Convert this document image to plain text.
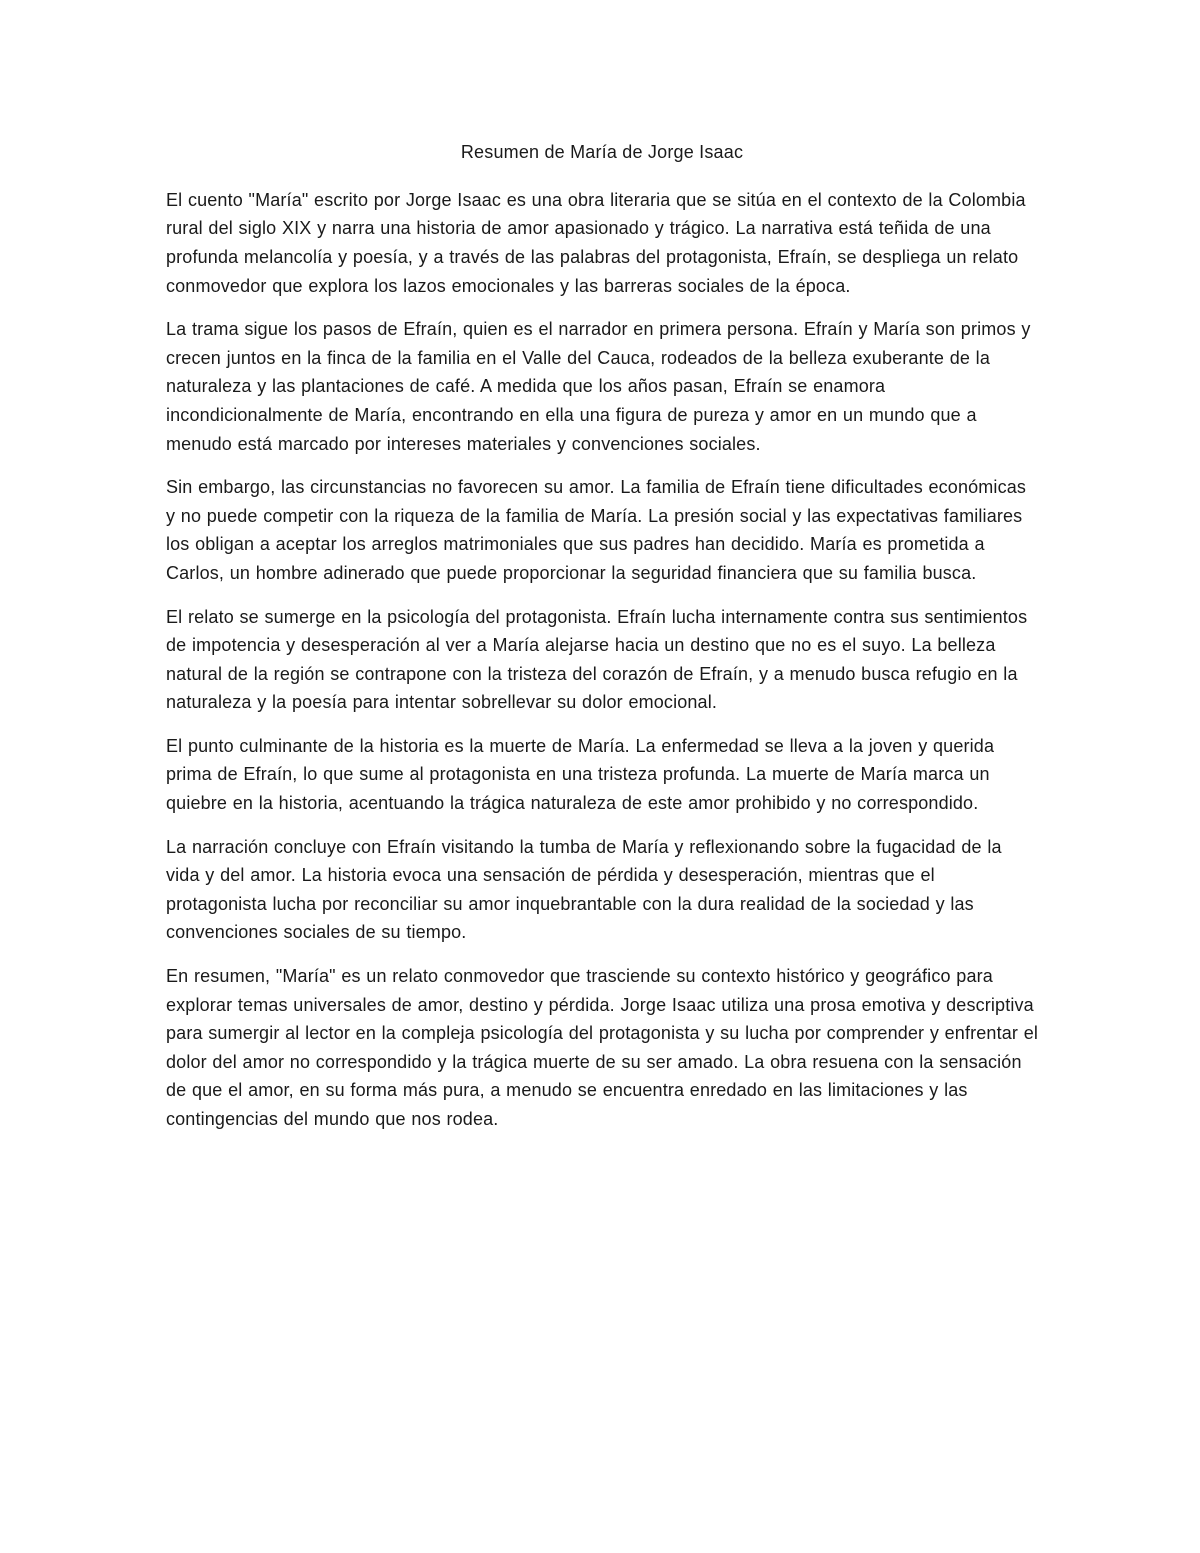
Resumen de María de Jorge Isaac

El cuento "María" escrito por Jorge Isaac es una obra literaria que se sitúa en el contexto de la Colombia rural del siglo XIX y narra una historia de amor apasionado y trágico. La narrativa está teñida de una profunda melancolía y poesía, y a través de las palabras del protagonista, Efraín, se despliega un relato conmovedor que explora los lazos emocionales y las barreras sociales de la época.

La trama sigue los pasos de Efraín, quien es el narrador en primera persona. Efraín y María son primos y crecen juntos en la finca de la familia en el Valle del Cauca, rodeados de la belleza exuberante de la naturaleza y las plantaciones de café. A medida que los años pasan, Efraín se enamora incondicionalmente de María, encontrando en ella una figura de pureza y amor en un mundo que a menudo está marcado por intereses materiales y convenciones sociales.

Sin embargo, las circunstancias no favorecen su amor. La familia de Efraín tiene dificultades económicas y no puede competir con la riqueza de la familia de María. La presión social y las expectativas familiares los obligan a aceptar los arreglos matrimoniales que sus padres han decidido. María es prometida a Carlos, un hombre adinerado que puede proporcionar la seguridad financiera que su familia busca.

El relato se sumerge en la psicología del protagonista. Efraín lucha internamente contra sus sentimientos de impotencia y desesperación al ver a María alejarse hacia un destino que no es el suyo. La belleza natural de la región se contrapone con la tristeza del corazón de Efraín, y a menudo busca refugio en la naturaleza y la poesía para intentar sobrellevar su dolor emocional.

El punto culminante de la historia es la muerte de María. La enfermedad se lleva a la joven y querida prima de Efraín, lo que sume al protagonista en una tristeza profunda. La muerte de María marca un quiebre en la historia, acentuando la trágica naturaleza de este amor prohibido y no correspondido.

La narración concluye con Efraín visitando la tumba de María y reflexionando sobre la fugacidad de la vida y del amor. La historia evoca una sensación de pérdida y desesperación, mientras que el protagonista lucha por reconciliar su amor inquebrantable con la dura realidad de la sociedad y las convenciones sociales de su tiempo.

En resumen, "María" es un relato conmovedor que trasciende su contexto histórico y geográfico para explorar temas universales de amor, destino y pérdida. Jorge Isaac utiliza una prosa emotiva y descriptiva para sumergir al lector en la compleja psicología del protagonista y su lucha por comprender y enfrentar el dolor del amor no correspondido y la trágica muerte de su ser amado. La obra resuena con la sensación de que el amor, en su forma más pura, a menudo se encuentra enredado en las limitaciones y las contingencias del mundo que nos rodea.
